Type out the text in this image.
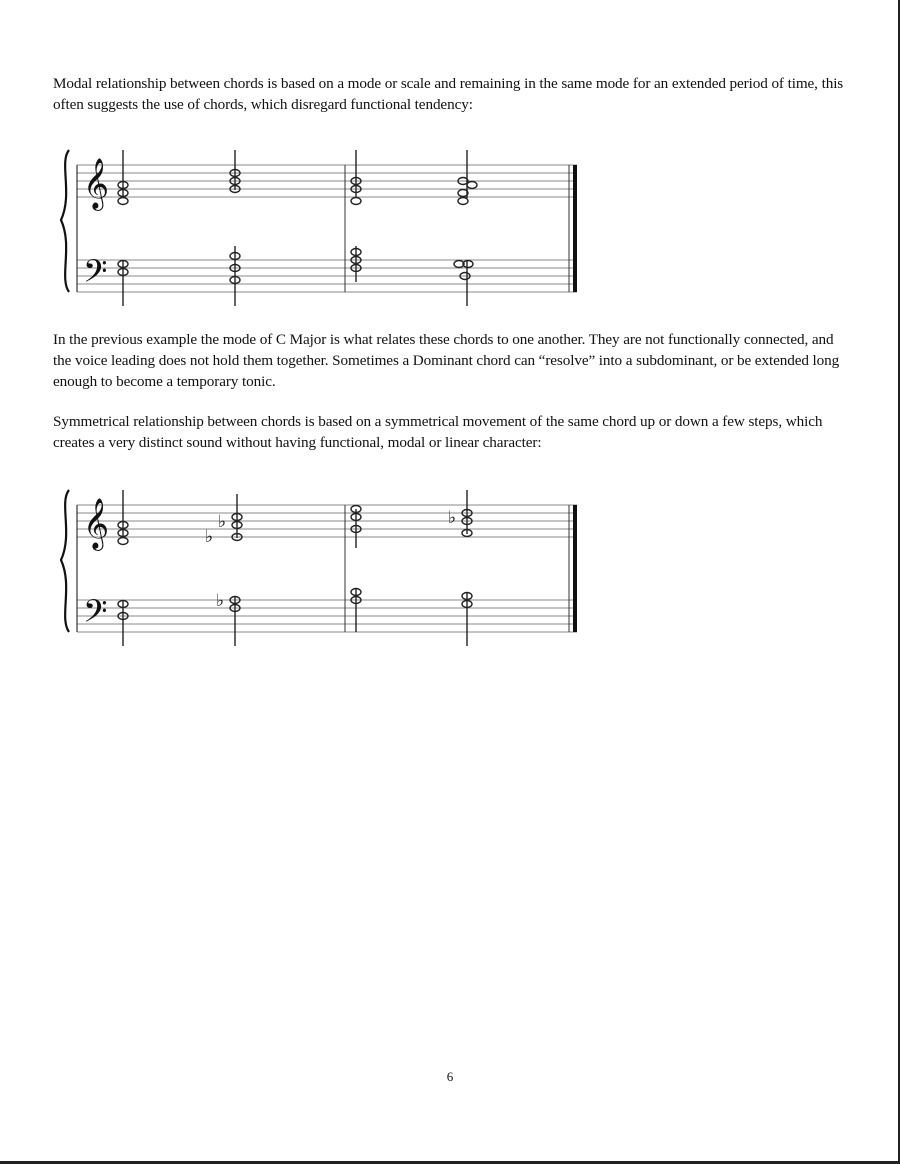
Modal relationship between chords is based on a mode or scale and remaining in the same mode for an extended period of time, this often suggests the use of chords, which disregard functional tendency:

𝄞
𝄢

In the previous example the mode of C Major is what relates these chords to one another. They are not functionally connected, and the voice leading does not hold them together. Sometimes a Dominant chord can “resolve” into a subdominant, or be extended long enough to become a temporary tonic.

Symmetrical relationship between chords is based on a symmetrical movement of the same chord up or down a few steps, which creates a very distinct sound without having functional, modal or linear character:

𝄞
𝄢
♭
♭	♭
♭
6
